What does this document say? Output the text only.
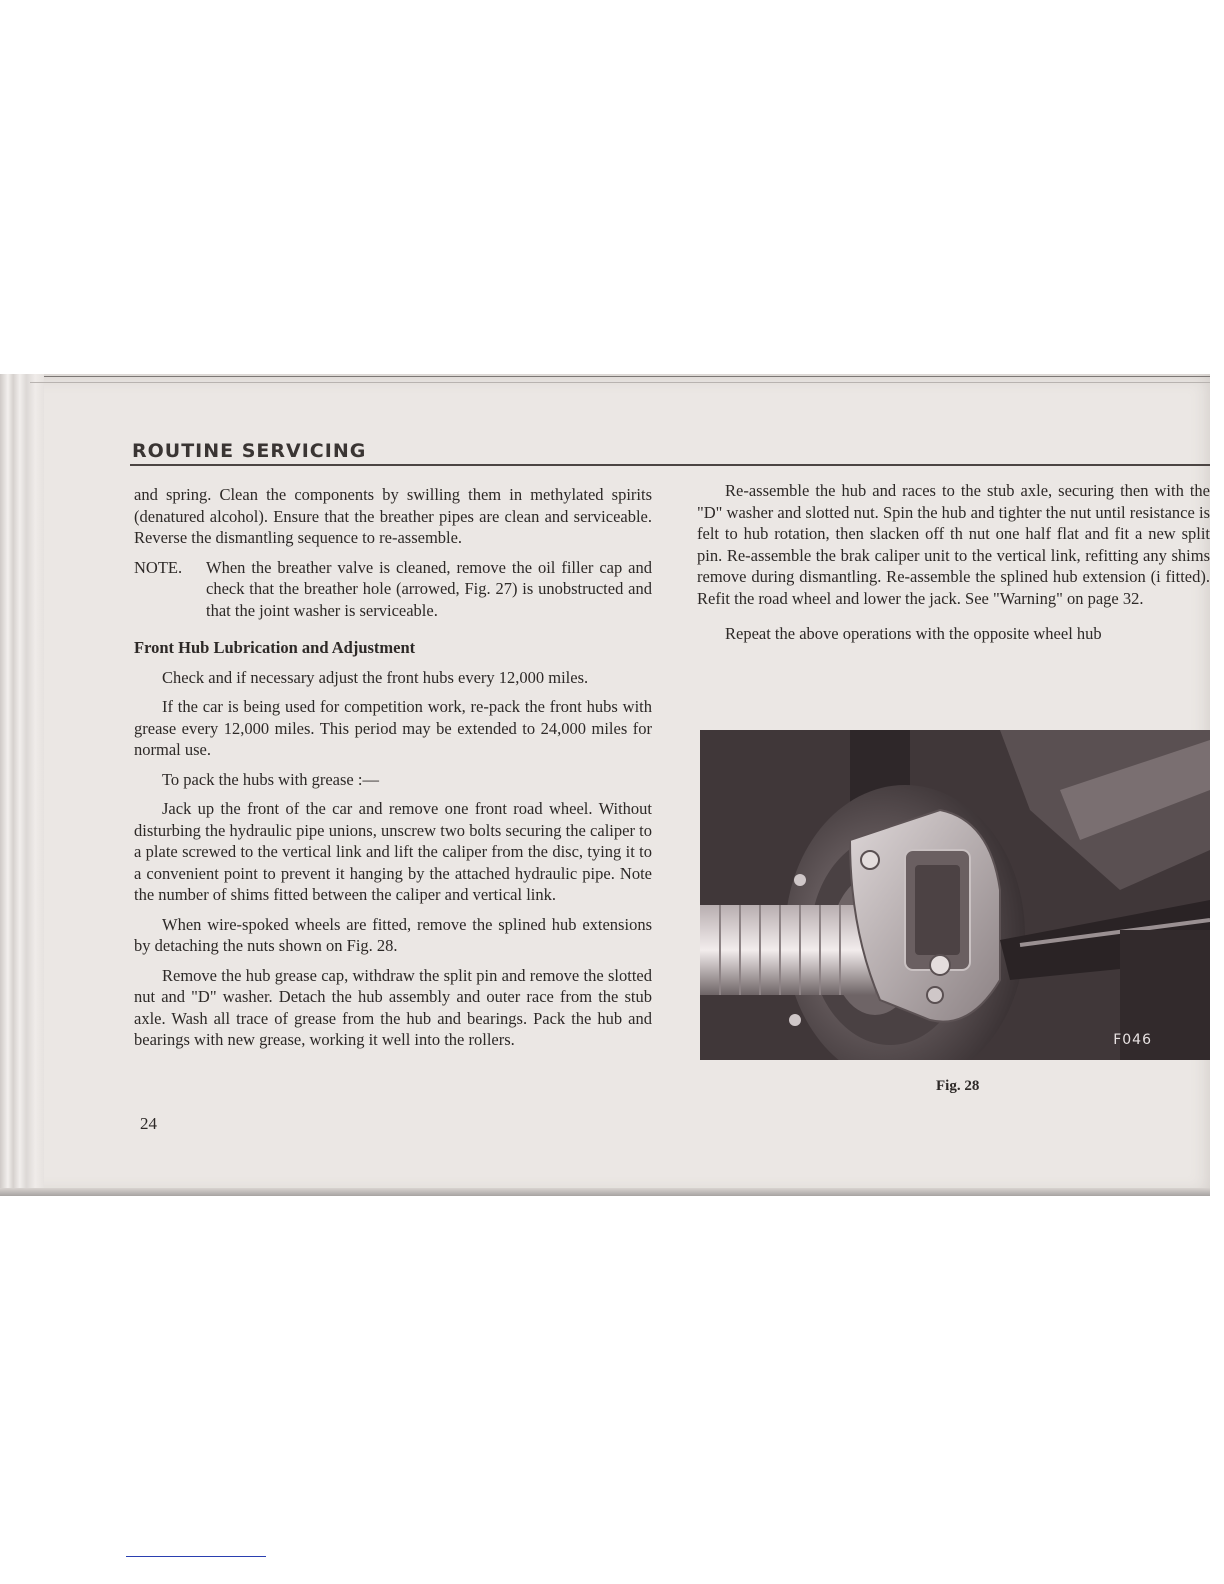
ROUTINE SERVICING

and spring. Clean the components by swilling them in methylated spirits (denatured alcohol). Ensure that the breather pipes are clean and serviceable. Reverse the dismantling sequence to re-assemble.

NOTE.	When the breather valve is cleaned, remove the oil filler cap and check that the breather hole (arrowed, Fig. 27) is unobstructed and that the joint washer is serviceable.

Front Hub Lubrication and Adjustment

Check and if necessary adjust the front hubs every 12,000 miles.

If the car is being used for competition work, re-pack the front hubs with grease every 12,000 miles. This period may be extended to 24,000 miles for normal use.

To pack the hubs with grease :—

Jack up the front of the car and remove one front road wheel. Without disturbing the hydraulic pipe unions, unscrew two bolts securing the caliper to a plate screwed to the vertical link and lift the caliper from the disc, tying it to a convenient point to prevent it hanging by the attached hydraulic pipe. Note the number of shims fitted between the caliper and vertical link.

When wire-spoked wheels are fitted, remove the splined hub extensions by detaching the nuts shown on Fig. 28.

Remove the hub grease cap, withdraw the split pin and remove the slotted nut and "D" washer. Detach the hub assembly and outer race from the stub axle. Wash all trace of grease from the hub and bearings. Pack the hub and bearings with new grease, working it well into the rollers.

24

Re-assemble the hub and races to the stub axle, securing then with the "D" washer and slotted nut. Spin the hub and tighter the nut until resistance is felt to hub rotation, then slacken off th nut one half flat and fit a new split pin. Re-assemble the brak caliper unit to the vertical link, refitting any shims remove during dismantling. Re-assemble the splined hub extension (i fitted). Refit the road wheel and lower the jack. See "Warning" on page 32.

Repeat the above operations with the opposite wheel hub

F046
Fig. 28
